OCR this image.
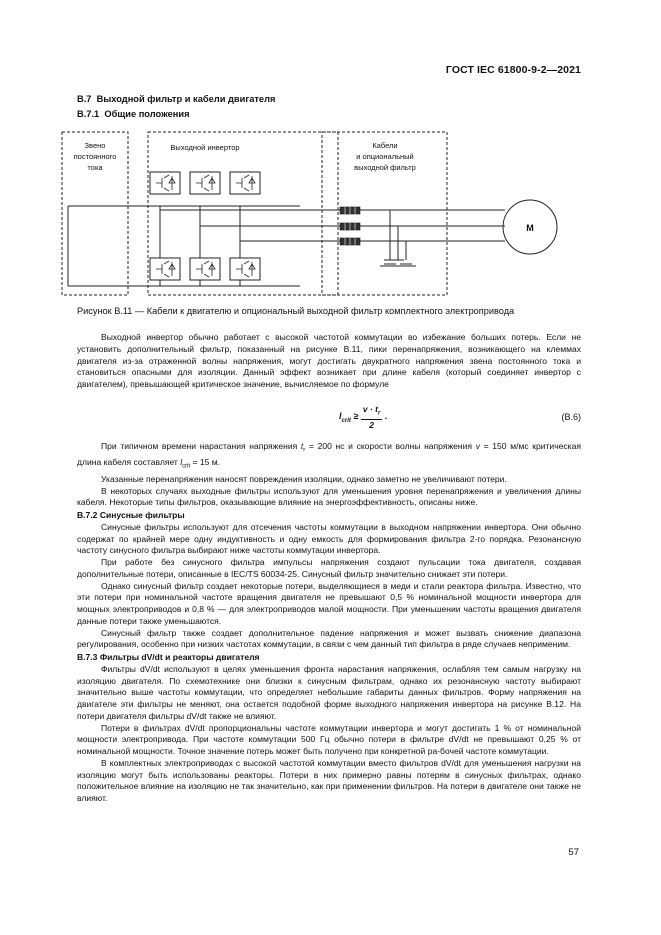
ГОСТ IEC 61800-9-2—2021
B.7 Выходной фильтр и кабели двигателя
B.7.1 Общие положения
Звено
постоянного
тока
Выходной инвертор	Кабели
и опциональный
выходной фильтр
M
Рисунок B.11 — Кабели к двигателю и опциональный выходной фильтр комплектного электропривода

Выходной инвертор обычно работает с высокой частотой коммутации во избежание больших потерь. Если не установить дополнительный фильтр, показанный на рисунке B.11, пики перенапряжения, возникающего на клеммах двигателя из-за отраженной волны напряжения, могут достигать двукратного напряжения звена постоянного тока и становиться опасными для изоляции. Данный эффект возникает при длине кабеля (который соединяет инвертор с двигателем), превышающей критическое значение, вычисляемое по формуле

$l_{crit} \ge \frac{v \cdot t_r}{2}$ .	(B.6)

При типичном времени нарастания напряжения $t_r = 200$ нс и скорости волны напряжения v = 150 м/мс критическая длина кабеля составляет $l_{crit} = 15$ м.

Указанные перенапряжения наносят повреждения изоляции, однако заметно не увеличивают потери.

В некоторых случаях выходные фильтры используют для уменьшения уровня перенапряжения и увеличения длины кабеля. Некоторые типы фильтров, оказывающие влияние на энергоэффективность, описаны ниже.

B.7.2 Синусные фильтры

Синусные фильтры используют для отсечения частоты коммутации в выходном напряжении инвертора. Они обычно содержат по крайней мере одну индуктивность и одну емкость для формирования фильтра 2-го порядка. Резонансную частоту синусного фильтра выбирают ниже частоты коммутации инвертора.

При работе без синусного фильтра импульсы напряжения создают пульсации тока двигателя, создавая дополнительные потери, описанные в IEC/TS 60034-25. Синусный фильтр значительно снижает эти потери.

Однако синусный фильтр создает некоторые потери, выделяющиеся в меди и стали реактора фильтра. Известно, что эти потери при номинальной частоте вращения двигателя не превышают 0,5 % номинальной мощности инвертора для мощных электроприводов и 0,8 % — для электроприводов малой мощности. При уменьшении частоты вращения двигателя данные потери также уменьшаются.

Синусный фильтр также создает дополнительное падение напряжения и может вызвать снижение диапазона регулирования, особенно при низких частотах коммутации, в связи с чем данный тип фильтра в ряде случаев неприменим.

B.7.3 Фильтры dV/dt и реакторы двигателя

Фильтры dV/dt используют в целях уменьшения фронта нарастания напряжения, ослабляя тем самым нагрузку на изоляцию двигателя. По схемотехнике они близки к синусным фильтрам, однако их резонансную частоту выбирают значительно выше частоты коммутации, что определяет небольшие габариты данных фильтров. Форму напряжения на двигателе эти фильтры не меняют, она остается подобной форме выходного напряжения инвертора на рисунке B.12. На потери двигателя фильтры dV/dt также не влияют.

Потери в фильтрах dV/dt пропорциональны частоте коммутации инвертора и могут достигать 1 % от номинальной мощности электропривода. При частоте коммутации 500 Гц обычно потери в фильтре dV/dt не превышают 0,25 % от номинальной мощности. Точное значение потерь может быть получено при конкретной ра-бочей частоте коммутации.

В комплектных электроприводах с высокой частотой коммутации вместо фильтров dV/dt для уменьшения нагрузки на изоляцию могут быть использованы реакторы. Потери в них примерно равны потерям в синусных фильтрах, однако положительное влияние на изоляцию не так значительно, как при применении фильтров. На потери в двигателе они также не влияют.

57
